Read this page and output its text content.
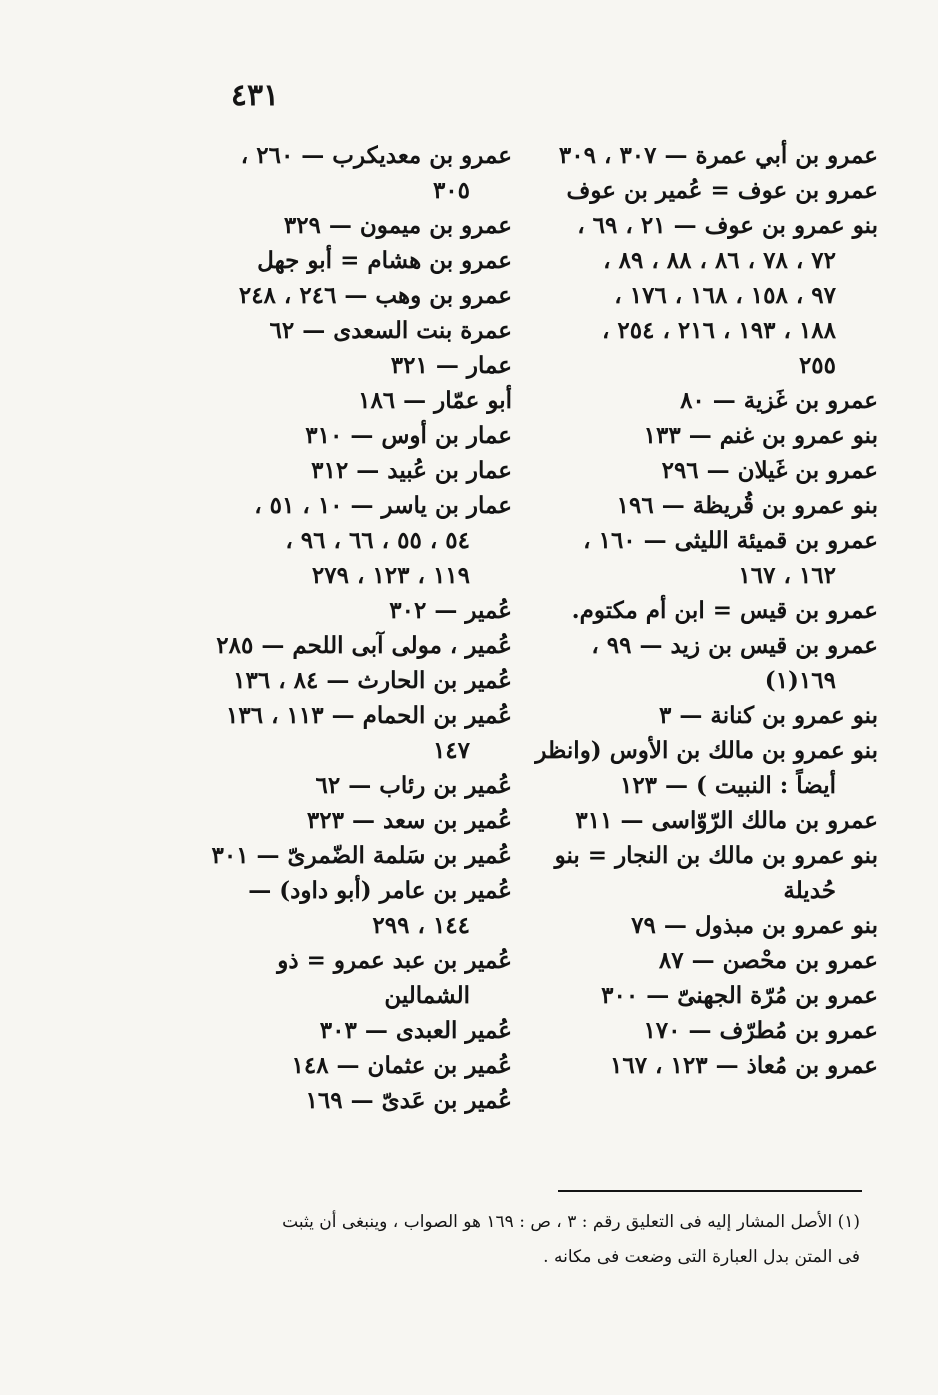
٤٣١
عمرو بن أبي عمرة — ٣٠٧ ، ٣٠٩
عمرو بن عوف = عُمير بن عوف
بنو عمرو بن عوف — ٢١ ، ٦٩ ،
٧٢ ، ٧٨ ، ٨٦ ، ٨٨ ، ٨٩ ،
٩٧ ، ١٥٨ ، ١٦٨ ، ١٧٦ ،
١٨٨ ، ١٩٣ ، ٢١٦ ، ٢٥٤ ،
٢٥٥
عمرو بن غَزية — ٨٠
بنو عمرو بن غنم — ١٣٣
عمرو بن غَيلان — ٢٩٦
بنو عمرو بن قُريظة — ١٩٦
عمرو بن قميئة الليثى — ١٦٠ ،
١٦٢ ، ١٦٧
عمرو بن قيس = ابن أم مكتوم.
عمرو بن قيس بن زيد — ٩٩ ،
١٦٩(١)
بنو عمرو بن كنانة — ٣
بنو عمرو بن مالك بن الأوس (وانظر
أيضاً : النبيت ) — ١٢٣
عمرو بن مالك الرّوّاسى — ٣١١
بنو عمرو بن مالك بن النجار = بنو
حُديلة
بنو عمرو بن مبذول — ٧٩
عمرو بن محْصن — ٨٧
عمرو بن مُرّة الجهنىّ — ٣٠٠
عمرو بن مُطرّف — ١٧٠
عمرو بن مُعاذ — ١٢٣ ، ١٦٧
عمرو بن معديكرب — ٢٦٠ ،
٣٠٥
عمرو بن ميمون — ٣٢٩
عمرو بن هشام = أبو جهل
عمرو بن وهب — ٢٤٦ ، ٢٤٨
عمرة بنت السعدى — ٦٢
عمار — ٣٢١
أبو عمّار — ١٨٦
عمار بن أوس — ٣١٠
عمار بن عُبيد — ٣١٢
عمار بن ياسر — ١٠ ، ٥١ ،
٥٤ ، ٥٥ ، ٦٦ ، ٩٦ ،
١١٩ ، ١٢٣ ، ٢٧٩
عُمير — ٣٠٢
عُمير ، مولى آبى اللحم — ٢٨٥
عُمير بن الحارث — ٨٤ ، ١٣٦
عُمير بن الحمام — ١١٣ ، ١٣٦
١٤٧
عُمير بن رئاب — ٦٢
عُمير بن سعد — ٣٢٣
عُمير بن سَلمة الضّمرىّ — ٣٠١
عُمير بن عامر (أبو داود) —
١٤٤ ، ٢٩٩
عُمير بن عبد عمرو = ذو
الشمالين
عُمير العبدى — ٣٠٣
عُمير بن عثمان — ١٤٨
عُمير بن عَدىّ — ١٦٩
(١) الأصل المشار إليه فى التعليق رقم : ٣ ، ص : ١٦٩ هو الصواب ، وينبغى أن يثبت
فى المتن بدل العبارة التى وضعت فى مكانه .
